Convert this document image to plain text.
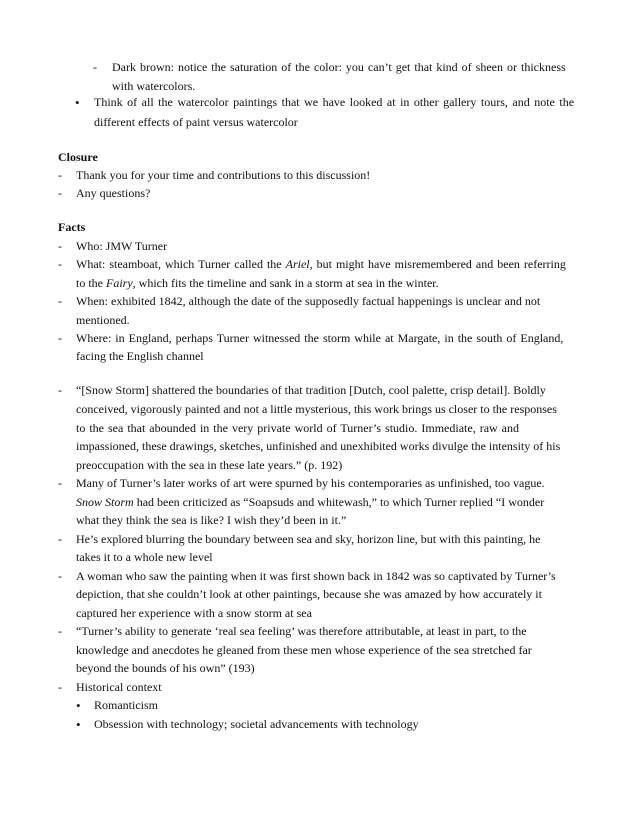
- Dark brown: notice the saturation of the color: you can’t get that kind of sheen or thickness
with watercolors.
• Think of all the watercolor paintings that we have looked at in other gallery tours, and note the
different effects of paint versus watercolor
Closure
- Thank you for your time and contributions to this discussion!
- Any questions?
Facts
- Who: JMW Turner
- What: steamboat, which Turner called the Ariel, but might have misremembered and been referring
to the Fairy, which fits the timeline and sank in a storm at sea in the winter.
- When: exhibited 1842, although the date of the supposedly factual happenings is unclear and not
mentioned.
- Where: in England, perhaps Turner witnessed the storm while at Margate, in the south of England,
facing the English channel
- “[Snow Storm] shattered the boundaries of that tradition [Dutch, cool palette, crisp detail]. Boldly
conceived, vigorously painted and not a little mysterious, this work brings us closer to the responses
to the sea that abounded in the very private world of Turner’s studio. Immediate, raw and
impassioned, these drawings, sketches, unfinished and unexhibited works divulge the intensity of his
preoccupation with the sea in these late years.” (p. 192)
- Many of Turner’s later works of art were spurned by his contemporaries as unfinished, too vague.
Snow Storm had been criticized as “Soapsuds and whitewash,” to which Turner replied “I wonder
what they think the sea is like? I wish they’d been in it.”
- He’s explored blurring the boundary between sea and sky, horizon line, but with this painting, he
takes it to a whole new level
- A woman who saw the painting when it was first shown back in 1842 was so captivated by Turner’s
depiction, that she couldn’t look at other paintings, because she was amazed by how accurately it
captured her experience with a snow storm at sea
- “Turner’s ability to generate ‘real sea feeling’ was therefore attributable, at least in part, to the
knowledge and anecdotes he gleaned from these men whose experience of the sea stretched far
beyond the bounds of his own” (193)
- Historical context
• Romanticism
• Obsession with technology; societal advancements with technology
